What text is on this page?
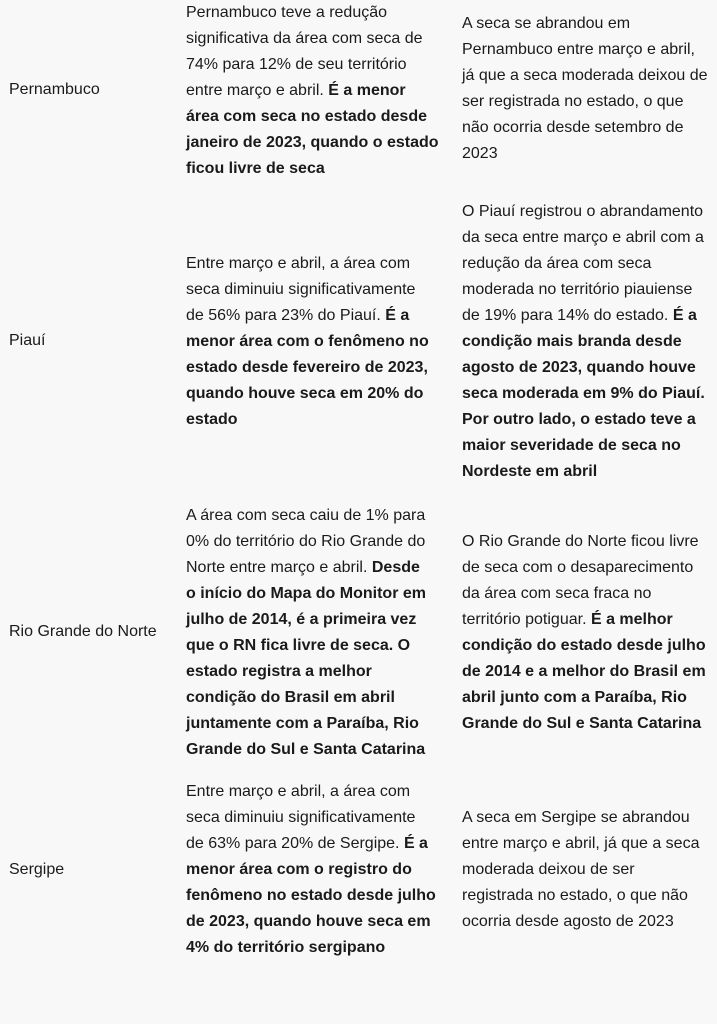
Pernambuco
Pernambuco teve a redução
significativa da área com seca de
74% para 12% de seu território
entre março e abril. É a menor
área com seca no estado desde
janeiro de 2023, quando o estado
ficou livre de seca
A seca se abrandou em
Pernambuco entre março e abril,
já que a seca moderada deixou de
ser registrada no estado, o que
não ocorria desde setembro de
2023
Piauí
Entre março e abril, a área com
seca diminuiu significativamente
de 56% para 23% do Piauí. É a
menor área com o fenômeno no
estado desde fevereiro de 2023,
quando houve seca em 20% do
estado
O Piauí registrou o abrandamento
da seca entre março e abril com a
redução da área com seca
moderada no território piauiense
de 19% para 14% do estado. É a
condição mais branda desde
agosto de 2023, quando houve
seca moderada em 9% do Piauí.
Por outro lado, o estado teve a
maior severidade de seca no
Nordeste em abril
Rio Grande do Norte
A área com seca caiu de 1% para
0% do território do Rio Grande do
Norte entre março e abril. Desde
o início do Mapa do Monitor em
julho de 2014, é a primeira vez
que o RN fica livre de seca. O
estado registra a melhor
condição do Brasil em abril
juntamente com a Paraíba, Rio
Grande do Sul e Santa Catarina
O Rio Grande do Norte ficou livre
de seca com o desaparecimento
da área com seca fraca no
território potiguar. É a melhor
condição do estado desde julho
de 2014 e a melhor do Brasil em
abril junto com a Paraíba, Rio
Grande do Sul e Santa Catarina
Sergipe
Entre março e abril, a área com
seca diminuiu significativamente
de 63% para 20% de Sergipe. É a
menor área com o registro do
fenômeno no estado desde julho
de 2023, quando houve seca em
4% do território sergipano
A seca em Sergipe se abrandou
entre março e abril, já que a seca
moderada deixou de ser
registrada no estado, o que não
ocorria desde agosto de 2023
